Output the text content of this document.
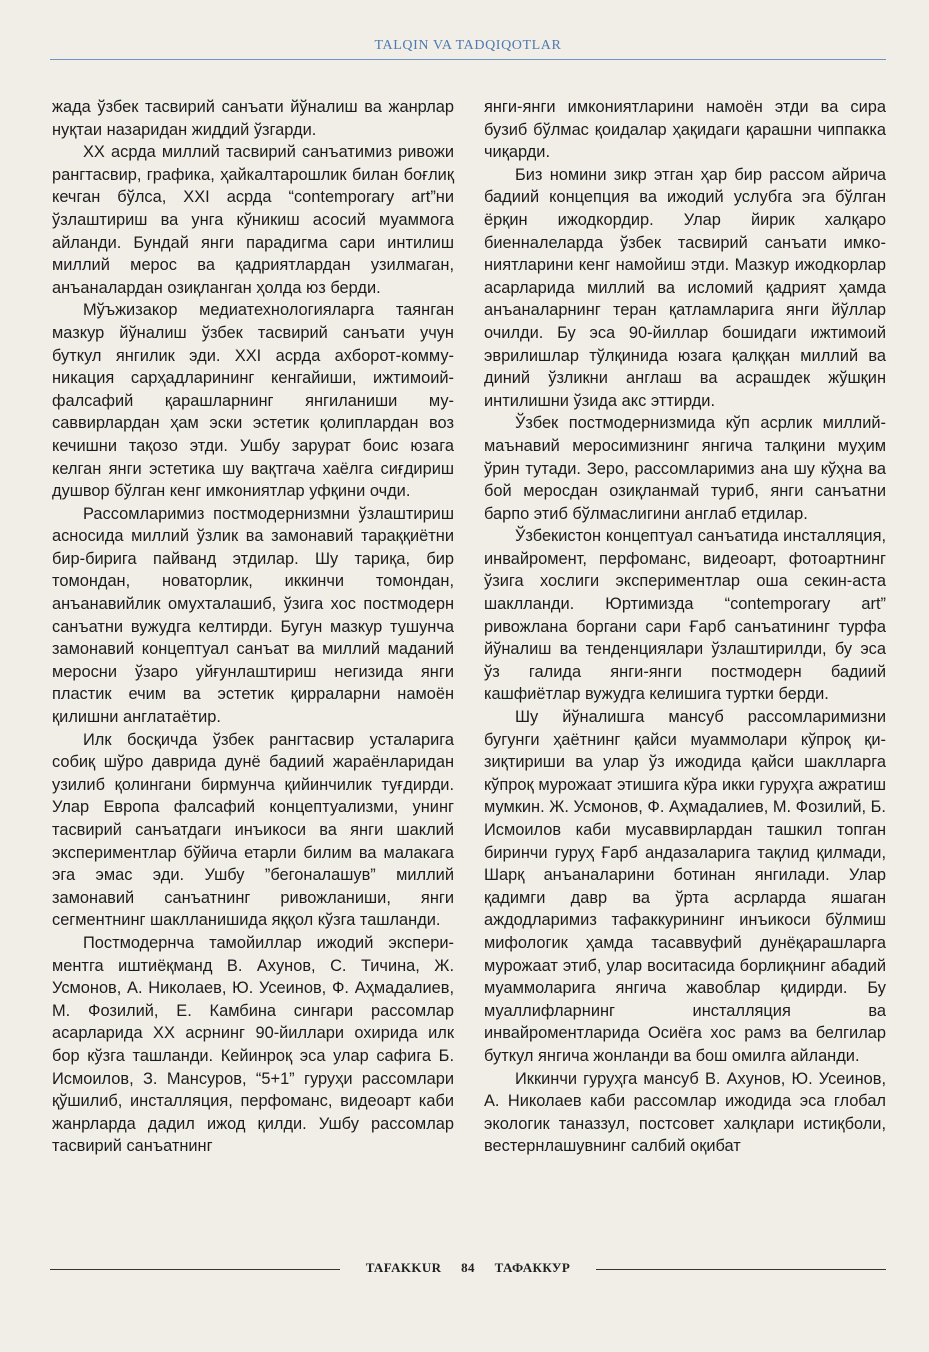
TALQIN VA TADQIQOTLAR

жада ўзбек тасвирий санъати йўналиш ва жанрлар нуқтаи назаридан жиддий ўзгарди.

XX асрда миллий тасвирий санъатимиз ривожи рангтасвир, графика, ҳайкалтарошлик билан боғлиқ кечган бўлса, XXI асрда “contemporary art”ни ўзлаштириш ва унга кўникиш асосий муаммога айланди. Бундай янги парадигма сари интилиш миллий мерос ва қадриятлардан узилмаган, анъаналардан озиқланган ҳолда юз берди.

Мўъжизакор медиатехнологияларга таянган мазкур йўналиш ўзбек тасвирий санъати учун буткул янгилик эди. XXI асрда ахборот-коммуникация сарҳадларининг кенгайиши, ижтимоий-фалсафий қарашларнинг янгиланиши мусаввирлардан ҳам эски эстетик қолиплардан воз кечишни тақозо этди. Ушбу зарурат боис юзага келган янги эстетика шу вақтгача хаёлга сиғдириш душвор бўлган кенг имкониятлар уфқини очди.

Рассомларимиз постмодернизмни ўзлаштириш асносида миллий ўзлик ва замонавий тараққиётни бир-бирига пайванд этдилар. Шу тариқа, бир томондан, новаторлик, иккинчи томондан, анъанавийлик омухталашиб, ўзига хос постмодерн санъатни вужудга келтирди. Бугун мазкур тушунча замонавий концептуал санъат ва миллий маданий меросни ўзаро уйғунлаштириш негизида янги пластик ечим ва эстетик қирраларни намоён қилишни англатаётир.

Илк босқичда ўзбек рангтасвир усталарига собиқ шўро даврида дунё бадиий жараёнларидан узилиб қолингани бирмунча қийинчилик туғдирди. Улар Европа фалсафий концептуализми, унинг тасвирий санъатдаги инъикоси ва янги шаклий экспериментлар бўйича етарли билим ва малакага эга эмас эди. Ушбу ”бегоналашув” миллий замонавий санъатнинг ривожланиши, янги сегментнинг шаклланишида яққол кўзга ташланди.

Постмодернча тамойиллар ижодий экспериментга иштиёқманд В. Ахунов, С. Тичина, Ж. Усмонов, А. Николаев, Ю. Усеинов, Ф. Аҳмадалиев, М. Фозилий, Е. Камбина сингари рассомлар асарларида XX асрнинг 90-йиллари охирида илк бор кўзга ташланди. Кейинроқ эса улар сафига Б. Исмоилов, З. Мансуров, “5+1” гуруҳи рассомлари қўшилиб, инсталляция, перфоманс, видеоарт каби жанрларда дадил ижод қилди. Ушбу рассомлар тасвирий санъатнинг

янги-янги имкониятларини намоён этди ва сира бузиб бўлмас қоидалар ҳақидаги қарашни чиппакка чиқарди.

Биз номини зикр этган ҳар бир рассом айрича бадиий концепция ва ижодий услубга эга бўлган ёрқин ижодкордир. Улар йирик халқаро биенналеларда ўзбек тасвирий санъати имкониятларини кенг намойиш этди. Мазкур ижодкорлар асарларида миллий ва исломий қадрият ҳамда анъаналарнинг теран қатламларига янги йўллар очилди. Бу эса 90-йиллар бошидаги ижтимоий эврилишлар тўлқинида юзага қалққан миллий ва диний ўзликни англаш ва асрашдек жўшқин интилишни ўзида акс эттирди.

Ўзбек постмодернизмида кўп асрлик миллий-маънавий меросимизнинг янгича талқини муҳим ўрин тутади. Зеро, рассомларимиз ана шу кўҳна ва бой меросдан озиқланмай туриб, янги санъатни барпо этиб бўлмаслигини англаб етдилар.

Ўзбекистон концептуал санъатида инсталляция, инвайромент, перфоманс, видеоарт, фотоартнинг ўзига хослиги экспериментлар оша секин-аста шаклланди. Юртимизда “contemporary art” ривожлана боргани сари Ғарб санъатининг турфа йўналиш ва тенденциялари ўзлаштирилди, бу эса ўз галида янги-янги постмодерн бадиий кашфиётлар вужудга келишига туртки берди.

Шу йўналишга мансуб рассомларимизни бугунги ҳаётнинг қайси муаммолари кўпроқ қизиқтириши ва улар ўз ижодида қайси шаклларга кўпроқ мурожаат этишига кўра икки гуруҳга ажратиш мумкин. Ж. Усмонов, Ф. Аҳмадалиев, М. Фозилий, Б. Исмоилов каби мусаввирлардан ташкил топган биринчи гуруҳ Ғарб андазаларига тақлид қилмади, Шарқ анъаналарини ботинан янгилади. Улар қадимги давр ва ўрта асрларда яшаган аждодларимиз тафаккурининг инъикоси бўлмиш мифологик ҳамда тасаввуфий дунёқарашларга мурожаат этиб, улар воситасида борлиқнинг абадий муаммоларига янгича жавоблар қидирди. Бу муаллифларнинг инсталляция ва инвайроментларида Осиёга хос рамз ва белгилар буткул янгича жонланди ва бош омилга айланди.

Иккинчи гуруҳга мансуб В. Ахунов, Ю. Усеинов, А. Николаев каби рассомлар ижодида эса глобал экологик таназзул, постсовет халқлари истиқболи, вестернлашувнинг салбий оқибат

TAFAKKUR 84 ТАФАККУР
